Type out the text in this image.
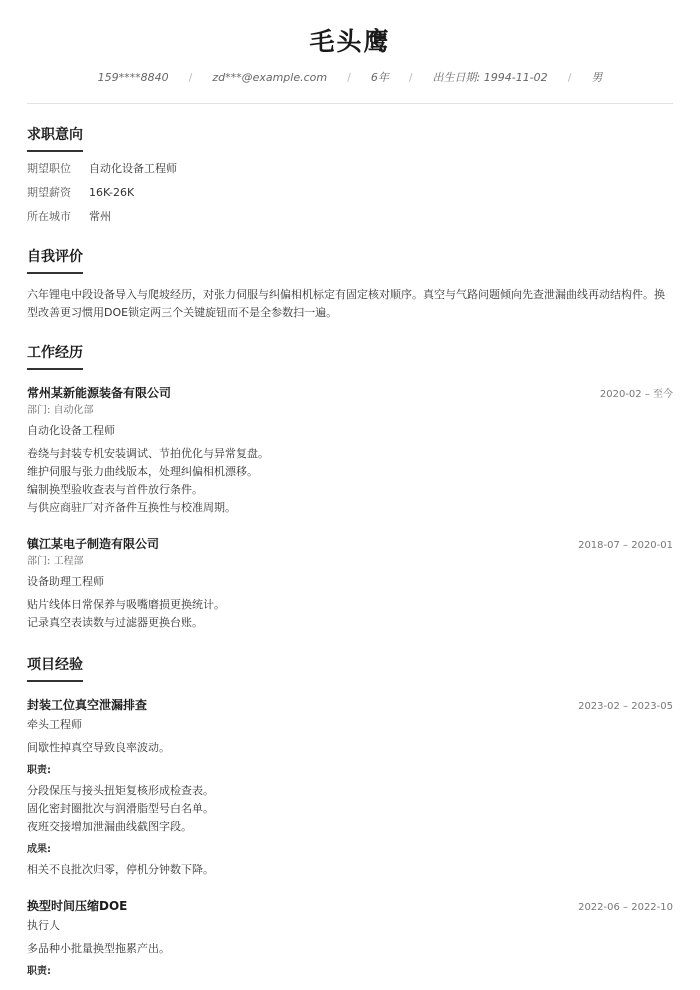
毛头鹰
159****8840 / zd***@example.com / 6年 / 出生日期: 1994-11-02 / 男
求职意向
期望职位	自动化设备工程师
期望薪资	16K-26K
所在城市	常州
自我评价
六年锂电中段设备导入与爬坡经历，对张力伺服与纠偏相机标定有固定核对顺序。真空与气路问题倾向先查泄漏曲线再动结构件。换型改善更习惯用DOE锁定两三个关键旋钮而不是全参数扫一遍。
工作经历
常州某新能源装备有限公司	2020-02 – 至今
部门: 自动化部
自动化设备工程师
卷绕与封装专机安装调试、节拍优化与异常复盘。
维护伺服与张力曲线版本，处理纠偏相机漂移。
编制换型验收查表与首件放行条件。
与供应商驻厂对齐备件互换性与校准周期。
镇江某电子制造有限公司	2018-07 – 2020-01
部门: 工程部
设备助理工程师
贴片线体日常保养与吸嘴磨损更换统计。
记录真空表读数与过滤器更换台账。
项目经验
封装工位真空泄漏排查	2023-02 – 2023-05
牵头工程师
间歇性掉真空导致良率波动。
职责:
分段保压与接头扭矩复核形成检查表。
固化密封圈批次与润滑脂型号白名单。
夜班交接增加泄漏曲线截图字段。
成果:
相关不良批次归零，停机分钟数下降。
换型时间压缩DOE	2022-06 – 2022-10
执行人
多品种小批量换型拖累产出。
职责:
